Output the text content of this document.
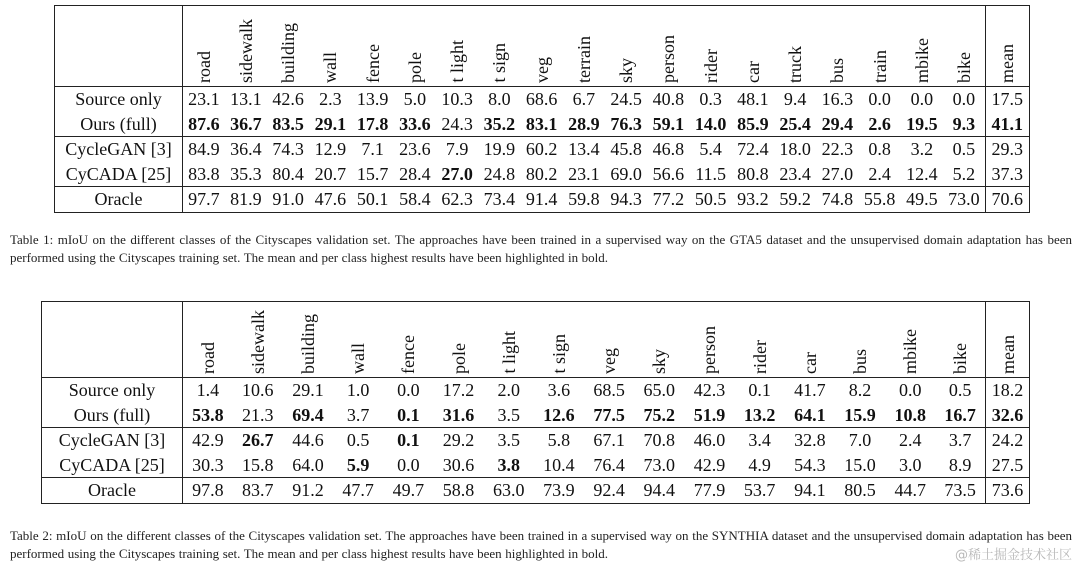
	road	sidewalk	building	wall	fence	pole	t light	t sign	veg	terrain	sky	person	rider	car	truck	bus	train	mbike	bike	mean
Source only	23.1	13.1	42.6	2.3	13.9	5.0	10.3	8.0	68.6	6.7	24.5	40.8	0.3	48.1	9.4	16.3	0.0	0.0	0.0	17.5
Ours (full)	87.6	36.7	83.5	29.1	17.8	33.6	24.3	35.2	83.1	28.9	76.3	59.1	14.0	85.9	25.4	29.4	2.6	19.5	9.3	41.1
CycleGAN [3]	84.9	36.4	74.3	12.9	7.1	23.6	7.9	19.9	60.2	13.4	45.8	46.8	5.4	72.4	18.0	22.3	0.8	3.2	0.5	29.3
CyCADA [25]	83.8	35.3	80.4	20.7	15.7	28.4	27.0	24.8	80.2	23.1	69.0	56.6	11.5	80.8	23.4	27.0	2.4	12.4	5.2	37.3
Oracle	97.7	81.9	91.0	47.6	50.1	58.4	62.3	73.4	91.4	59.8	94.3	77.2	50.5	93.2	59.2	74.8	55.8	49.5	73.0	70.6
Table 1: mIoU on the different classes of the Cityscapes validation set. The approaches have been trained in a supervised way on the GTA5 dataset and the unsupervised domain adaptation has been performed using the Cityscapes training set. The mean and per class highest results have been highlighted in bold.
	road	sidewalk	building	wall	fence	pole	t light	t sign	veg	sky	person	rider	car	bus	mbike	bike	mean
Source only	1.4	10.6	29.1	1.0	0.0	17.2	2.0	3.6	68.5	65.0	42.3	0.1	41.7	8.2	0.0	0.5	18.2
Ours (full)	53.8	21.3	69.4	3.7	0.1	31.6	3.5	12.6	77.5	75.2	51.9	13.2	64.1	15.9	10.8	16.7	32.6
CycleGAN [3]	42.9	26.7	44.6	0.5	0.1	29.2	3.5	5.8	67.1	70.8	46.0	3.4	32.8	7.0	2.4	3.7	24.2
CyCADA [25]	30.3	15.8	64.0	5.9	0.0	30.6	3.8	10.4	76.4	73.0	42.9	4.9	54.3	15.0	3.0	8.9	27.5
Oracle	97.8	83.7	91.2	47.7	49.7	58.8	63.0	73.9	92.4	94.4	77.9	53.7	94.1	80.5	44.7	73.5	73.6
Table 2: mIoU on the different classes of the Cityscapes validation set. The approaches have been trained in a supervised way on the SYNTHIA dataset and the unsupervised domain adaptation has been performed using the Cityscapes training set. The mean and per class highest results have been highlighted in bold.	@稀土掘金技术社区
